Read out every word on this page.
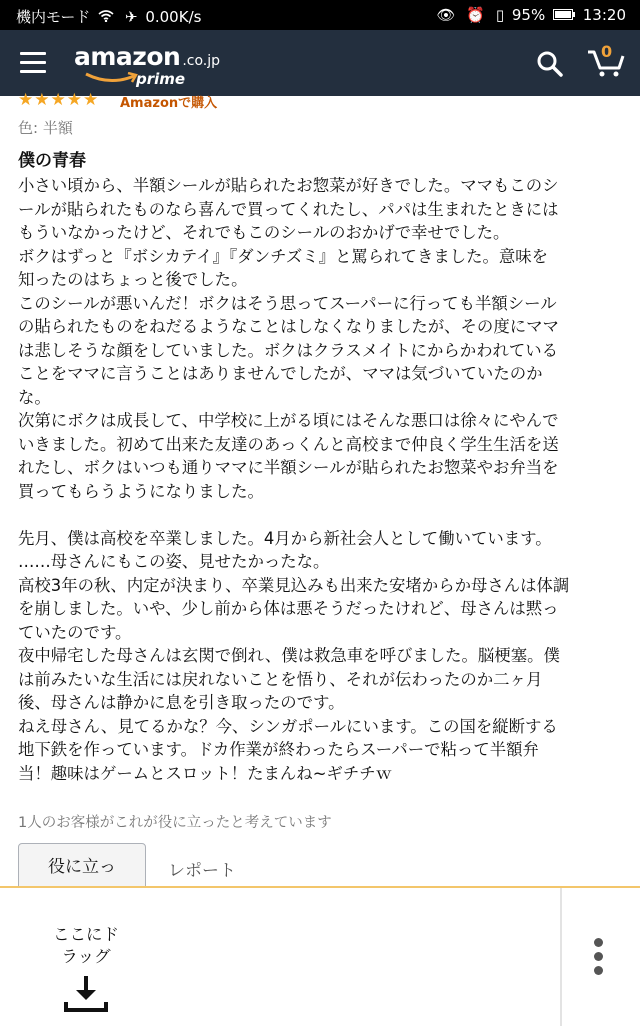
機内モード ✈ 0.00K/s	👁 ⏰ ▯ 95%	13:20
amazon .co.jp
prime
0
★★★★★ Amazonで購入
色: 半額
僕の青春

小さい頃から、半額シールが貼られたお惣菜が好きでした。ママもこのシ

ールが貼られたものなら喜んで買ってくれたし、パパは生まれたときには

もういなかったけど、それでもこのシールのおかげで幸せでした。

ボクはずっと『ボシカテイ』『ダンチズミ』と罵られてきました。意味を

知ったのはちょっと後でした。

このシールが悪いんだ！ボクはそう思ってスーパーに行っても半額シール

の貼られたものをねだるようなことはしなくなりましたが、その度にママ

は悲しそうな顔をしていました。ボクはクラスメイトにからかわれている

ことをママに言うことはありませんでしたが、ママは気づいていたのか

な。

次第にボクは成長して、中学校に上がる頃にはそんな悪口は徐々にやんで

いきました。初めて出来た友達のあっくんと高校まで仲良く学生生活を送

れたし、ボクはいつも通りママに半額シールが貼られたお惣菜やお弁当を

買ってもらうようになりました。

先月、僕は高校を卒業しました。4月から新社会人として働いています。

……母さんにもこの姿、見せたかったな。

高校3年の秋、内定が決まり、卒業見込みも出来た安堵からか母さんは体調

を崩しました。いや、少し前から体は悪そうだったけれど、母さんは黙っ

ていたのです。

夜中帰宅した母さんは玄関で倒れ、僕は救急車を呼びました。脳梗塞。僕

は前みたいな生活には戻れないことを悟り、それが伝わったのか二ヶ月

後、母さんは静かに息を引き取ったのです。

ねえ母さん、見てるかな？今、シンガポールにいます。この国を縦断する

地下鉄を作っています。ドカ作業が終わったらスーパーで粘って半額弁

当！趣味はゲームとスロット！たまんね~ギチチｗ

1人のお客様がこれが役に立ったと考えています
役に立っ	レポート
ここにド
ラッグ
